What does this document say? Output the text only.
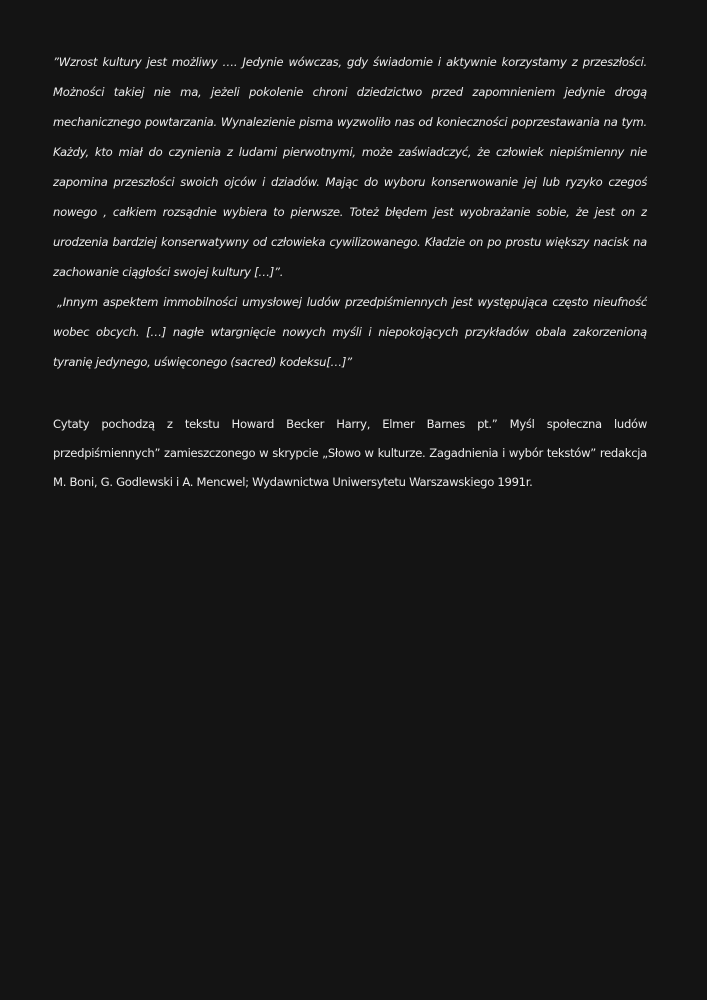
”Wzrost kultury jest możliwy …. Jedynie wówczas, gdy świadomie i aktywnie korzystamy z przeszłości.
Możności takiej nie ma, jeżeli pokolenie chroni dziedzictwo przed zapomnieniem jedynie drogą
mechanicznego powtarzania. Wynalezienie pisma wyzwoliło nas od konieczności poprzestawania na tym.
Każdy, kto miał do czynienia z ludami pierwotnymi, może zaświadczyć, że człowiek niepiśmienny nie
zapomina przeszłości swoich ojców i dziadów. Mając do wyboru konserwowanie jej lub ryzyko czegoś
nowego , całkiem rozsądnie wybiera to pierwsze. Toteż błędem jest wyobrażanie sobie, że jest on z
urodzenia bardziej konserwatywny od człowieka cywilizowanego. Kładzie on po prostu większy nacisk na
zachowanie ciągłości swojej kultury […]”.
„Innym aspektem immobilności umysłowej ludów przedpiśmiennych jest występująca często nieufność
wobec obcych. […] nagłe wtargnięcie nowych myśli i niepokojących przykładów obala zakorzenioną
tyranię jedynego, uświęconego (sacred) kodeksu[…]”
Cytaty pochodzą z tekstu Howard Becker Harry, Elmer Barnes pt.” Myśl społeczna ludów
przedpiśmiennych” zamieszczonego w skrypcie „Słowo w kulturze. Zagadnienia i wybór tekstów” redakcja
M. Boni, G. Godlewski i A. Mencwel; Wydawnictwa Uniwersytetu Warszawskiego 1991r.
